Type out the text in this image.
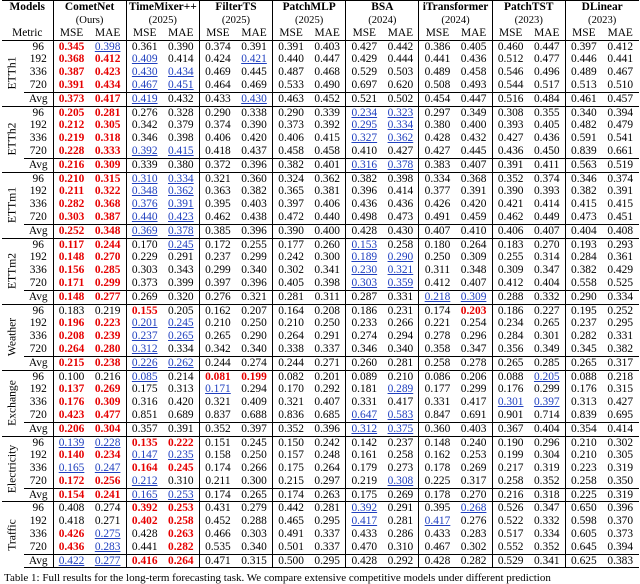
Models		CometNet		TimeMixer++		FilterTS		PatchMLP		BSA		iTransformer		PatchTST		DLinear	
		(Ours)		(2025)		(2025)		(2025)		(2024)		(2024)		(2023)		(2023)	
Metric		MSE	MAE	MSE	MAE	MSE	MAE	MSE	MAE	MSE	MAE	MSE	MAE	MSE	MAE	MSE	MAE

ETTh1	96	0.345	0.398	0.361	0.390	0.374	0.391	0.391	0.403	0.427	0.442	0.386	0.405	0.460	0.447	0.397	0.412
	192	0.368	0.412	0.409	0.414	0.424	0.421	0.440	0.447	0.429	0.444	0.441	0.436	0.512	0.477	0.446	0.441
	336	0.387	0.423	0.430	0.434	0.469	0.445	0.487	0.468	0.529	0.503	0.489	0.458	0.546	0.496	0.489	0.467
	720	0.391	0.434	0.467	0.451	0.464	0.469	0.533	0.490	0.697	0.620	0.508	0.493	0.544	0.517	0.513	0.510
	Avg	0.373	0.417	0.419	0.432	0.433	0.430	0.463	0.452	0.521	0.502	0.454	0.447	0.516	0.484	0.461	0.457

ETTh2	96	0.205	0.281	0.276	0.328	0.290	0.338	0.290	0.339	0.234	0.323	0.297	0.349	0.308	0.355	0.340	0.394
	192	0.212	0.305	0.342	0.379	0.374	0.390	0.373	0.392	0.295	0.334	0.380	0.400	0.393	0.405	0.482	0.479
	336	0.219	0.318	0.346	0.398	0.406	0.420	0.406	0.415	0.327	0.362	0.428	0.432	0.427	0.436	0.591	0.541
	720	0.228	0.333	0.392	0.415	0.418	0.437	0.458	0.458	0.410	0.427	0.427	0.445	0.436	0.450	0.839	0.661
	Avg	0.216	0.309	0.339	0.380	0.372	0.396	0.382	0.401	0.316	0.378	0.383	0.407	0.391	0.411	0.563	0.519

ETTm1	96	0.210	0.315	0.310	0.334	0.321	0.360	0.324	0.362	0.382	0.398	0.334	0.368	0.352	0.374	0.346	0.374
	192	0.211	0.322	0.348	0.362	0.363	0.382	0.365	0.381	0.396	0.414	0.377	0.391	0.390	0.393	0.382	0.391
	336	0.282	0.368	0.376	0.391	0.395	0.403	0.397	0.406	0.436	0.436	0.426	0.420	0.421	0.414	0.415	0.415
	720	0.303	0.387	0.440	0.423	0.462	0.438	0.472	0.440	0.498	0.473	0.491	0.459	0.462	0.449	0.473	0.451
	Avg	0.252	0.348	0.369	0.378	0.385	0.396	0.390	0.400	0.428	0.430	0.407	0.410	0.406	0.407	0.404	0.408

ETTm2	96	0.117	0.244	0.170	0.245	0.172	0.255	0.177	0.260	0.153	0.258	0.180	0.264	0.183	0.270	0.193	0.293
	192	0.148	0.270	0.229	0.291	0.237	0.299	0.242	0.300	0.189	0.290	0.250	0.309	0.255	0.314	0.284	0.361
	336	0.156	0.285	0.303	0.343	0.299	0.340	0.302	0.341	0.230	0.321	0.311	0.348	0.309	0.347	0.382	0.429
	720	0.171	0.299	0.373	0.399	0.397	0.396	0.405	0.398	0.303	0.359	0.412	0.407	0.412	0.404	0.558	0.525
	Avg	0.148	0.277	0.269	0.320	0.276	0.321	0.281	0.311	0.287	0.331	0.218	0.309	0.288	0.332	0.290	0.334

Weather	96	0.183	0.219	0.155	0.205	0.162	0.207	0.164	0.208	0.186	0.231	0.174	0.203	0.186	0.227	0.195	0.252
	192	0.196	0.223	0.201	0.245	0.210	0.250	0.210	0.250	0.233	0.266	0.221	0.254	0.234	0.265	0.237	0.295
	336	0.208	0.239	0.237	0.265	0.265	0.290	0.264	0.291	0.274	0.294	0.278	0.296	0.284	0.301	0.282	0.331
	720	0.264	0.280	0.312	0.334	0.342	0.340	0.338	0.337	0.346	0.340	0.358	0.347	0.356	0.349	0.345	0.382
	Avg	0.215	0.238	0.226	0.262	0.244	0.274	0.244	0.271	0.260	0.281	0.258	0.278	0.265	0.285	0.265	0.317

Exchange	96	0.100	0.216	0.085	0.214	0.081	0.199	0.082	0.201	0.089	0.210	0.086	0.206	0.088	0.205	0.088	0.218
	192	0.137	0.269	0.175	0.313	0.171	0.294	0.170	0.292	0.181	0.289	0.177	0.299	0.176	0.299	0.176	0.315
	336	0.176	0.309	0.316	0.420	0.321	0.409	0.321	0.407	0.331	0.417	0.331	0.417	0.301	0.397	0.313	0.427
	720	0.423	0.477	0.851	0.689	0.837	0.688	0.836	0.685	0.647	0.583	0.847	0.691	0.901	0.714	0.839	0.695
	Avg	0.206	0.304	0.357	0.391	0.352	0.397	0.352	0.396	0.312	0.375	0.360	0.403	0.367	0.404	0.354	0.414

Electricity	96	0.139	0.228	0.135	0.222	0.151	0.245	0.150	0.242	0.142	0.237	0.148	0.240	0.190	0.296	0.210	0.302
	192	0.140	0.234	0.147	0.235	0.158	0.250	0.157	0.248	0.161	0.258	0.162	0.253	0.199	0.304	0.210	0.305
	336	0.165	0.247	0.164	0.245	0.174	0.266	0.175	0.264	0.179	0.273	0.178	0.269	0.217	0.319	0.223	0.319
	720	0.172	0.256	0.212	0.310	0.211	0.300	0.215	0.297	0.219	0.308	0.225	0.317	0.258	0.352	0.258	0.350
	Avg	0.154	0.241	0.165	0.253	0.174	0.265	0.174	0.263	0.175	0.269	0.178	0.270	0.216	0.318	0.225	0.319

Traffic	96	0.408	0.274	0.392	0.253	0.431	0.279	0.442	0.281	0.392	0.291	0.395	0.268	0.526	0.347	0.650	0.396
	192	0.418	0.271	0.402	0.258	0.452	0.288	0.465	0.295	0.417	0.281	0.417	0.276	0.522	0.332	0.598	0.370
	336	0.426	0.275	0.428	0.263	0.466	0.303	0.491	0.337	0.433	0.286	0.433	0.283	0.517	0.334	0.605	0.373
	720	0.436	0.283	0.441	0.282	0.535	0.340	0.501	0.337	0.470	0.310	0.467	0.302	0.552	0.352	0.645	0.394
	Avg	0.422	0.277	0.416	0.264	0.471	0.315	0.500	0.295	0.428	0.292	0.428	0.282	0.529	0.341	0.625	0.383
Table 1: Full results for the long-term forecasting task. We compare extensive competitive models under different prediction
